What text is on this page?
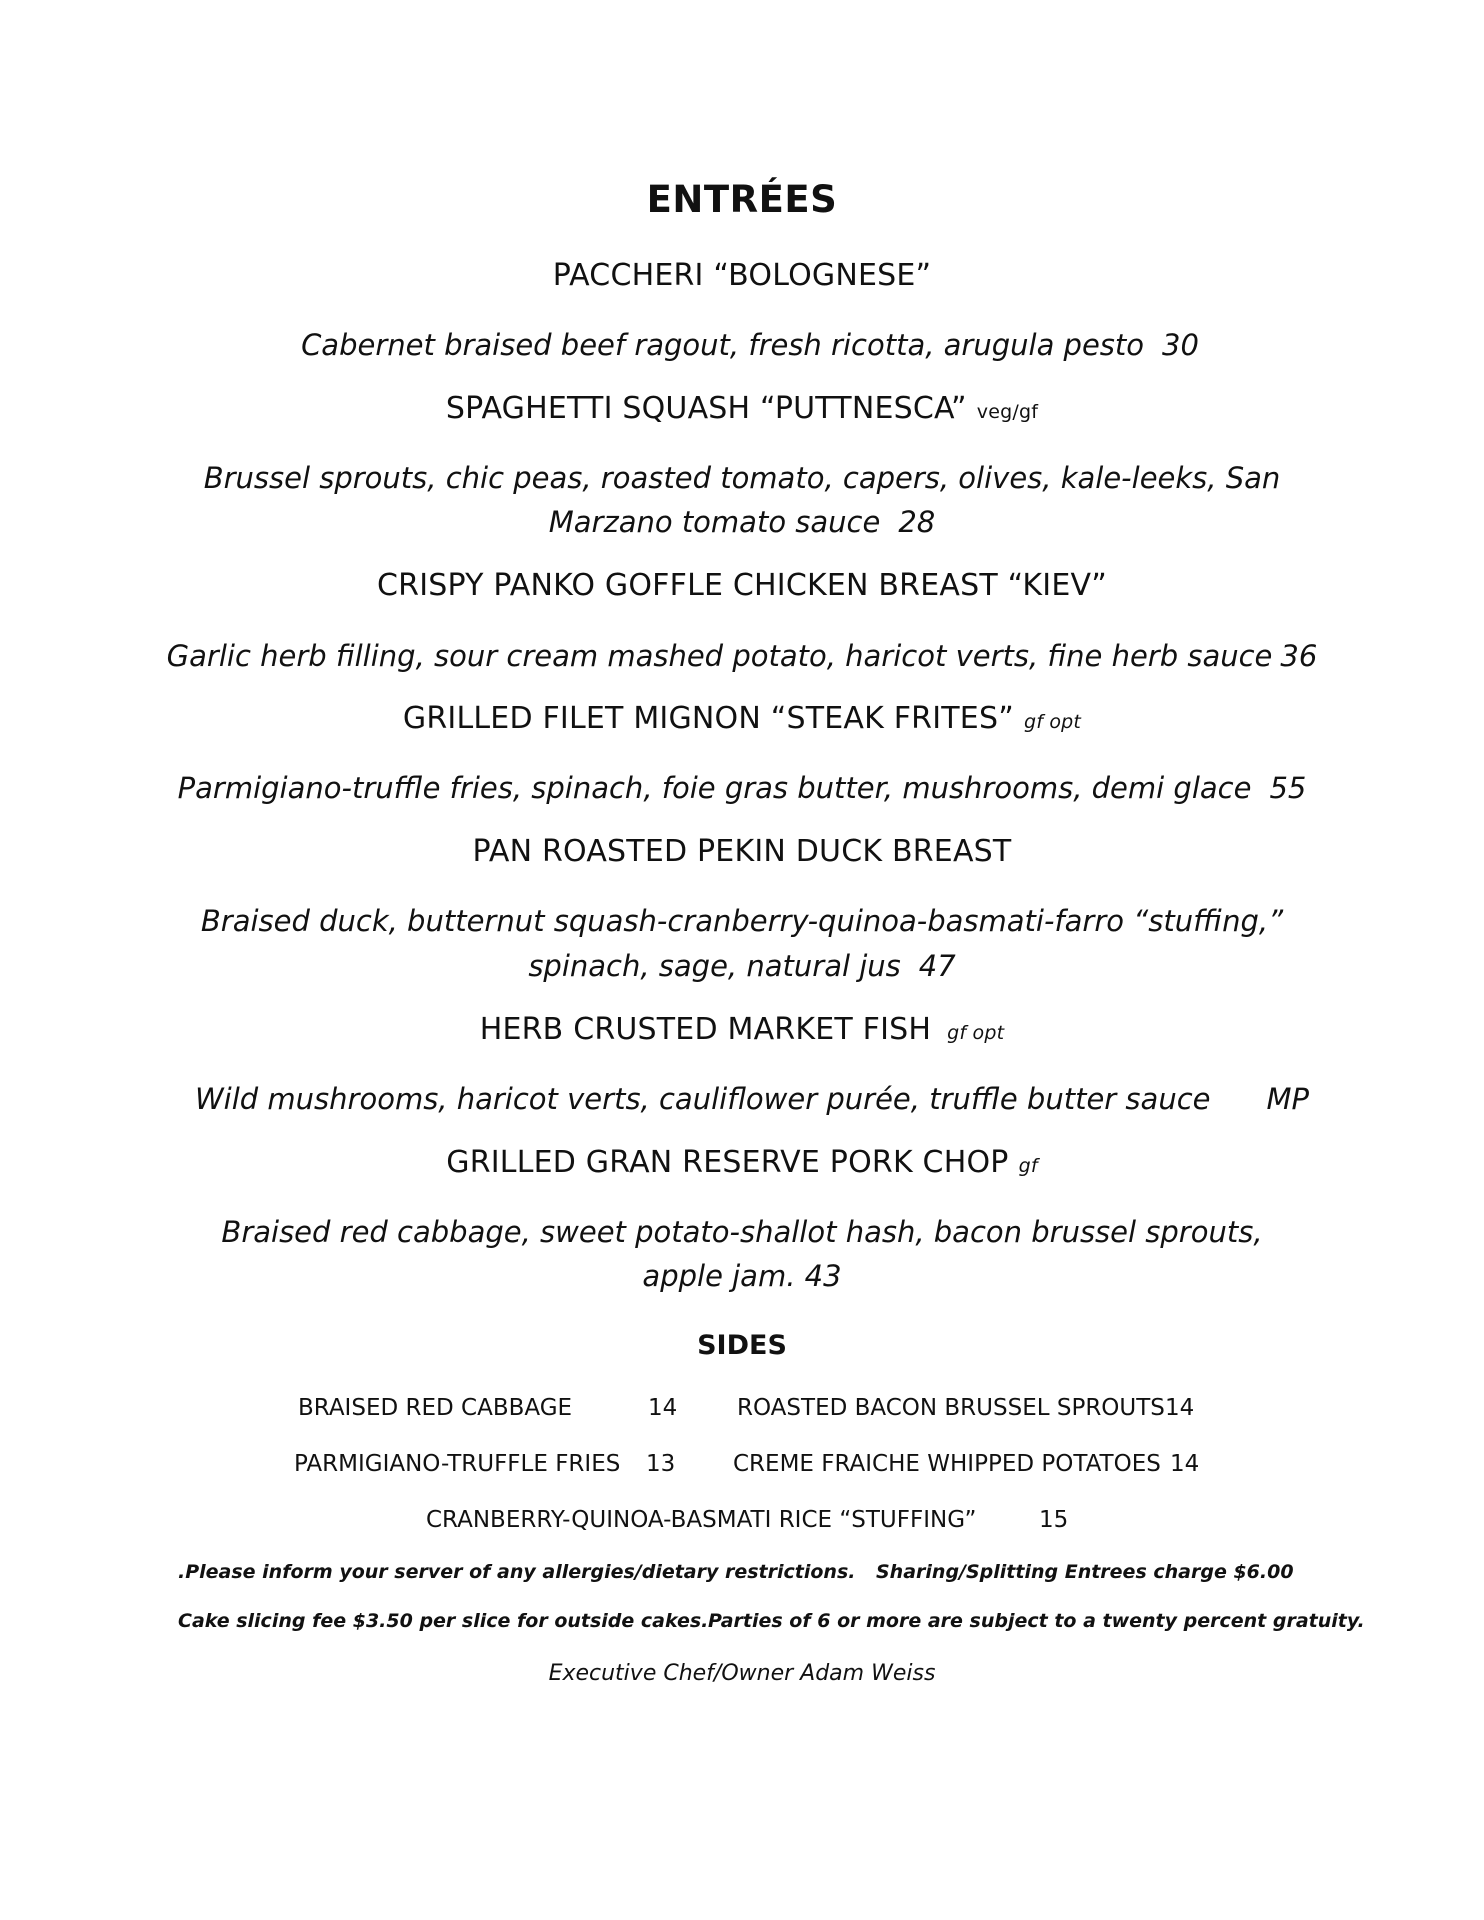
ENTRÉES
PACCHERI “BOLOGNESE”
Cabernet braised beef ragout, fresh ricotta, arugula pesto 30
SPAGHETTI SQUASH “PUTTNESCA” veg/gf
Brussel sprouts, chic peas, roasted tomato, capers, olives, kale-leeks, San
Marzano tomato sauce 28
CRISPY PANKO GOFFLE CHICKEN BREAST “KIEV”
Garlic herb filling, sour cream mashed potato, haricot verts, fine herb sauce 36
GRILLED FILET MIGNON “STEAK FRITES” gf opt
Parmigiano-truffle fries, spinach, foie gras butter, mushrooms, demi glace 55
PAN ROASTED PEKIN DUCK BREAST
Braised duck, butternut squash-cranberry-quinoa-basmati-farro “stuffing,”
spinach, sage, natural jus 47
HERB CRUSTED MARKET FISH gf opt
Wild mushrooms, haricot verts, cauliflower purée, truffle butter sauce MP
GRILLED GRAN RESERVE PORK CHOP gf
Braised red cabbage, sweet potato-shallot hash, bacon brussel sprouts,
apple jam. 43
SIDES
BRAISED RED CABBAGE	14	ROASTED BACON BRUSSEL SPROUTS 14
PARMIGIANO-TRUFFLE FRIES 13	CREME FRAICHE WHIPPED POTATOES 14
CRANBERRY-QUINOA-BASMATI RICE “STUFFING”	15
.Please inform your server of any allergies/dietary restrictions. Sharing/Splitting Entrees charge $6.00
Cake slicing fee $3.50 per slice for outside cakes. Parties of 6 or more are subject to a twenty percent gratuity.
Executive Chef/Owner Adam Weiss
